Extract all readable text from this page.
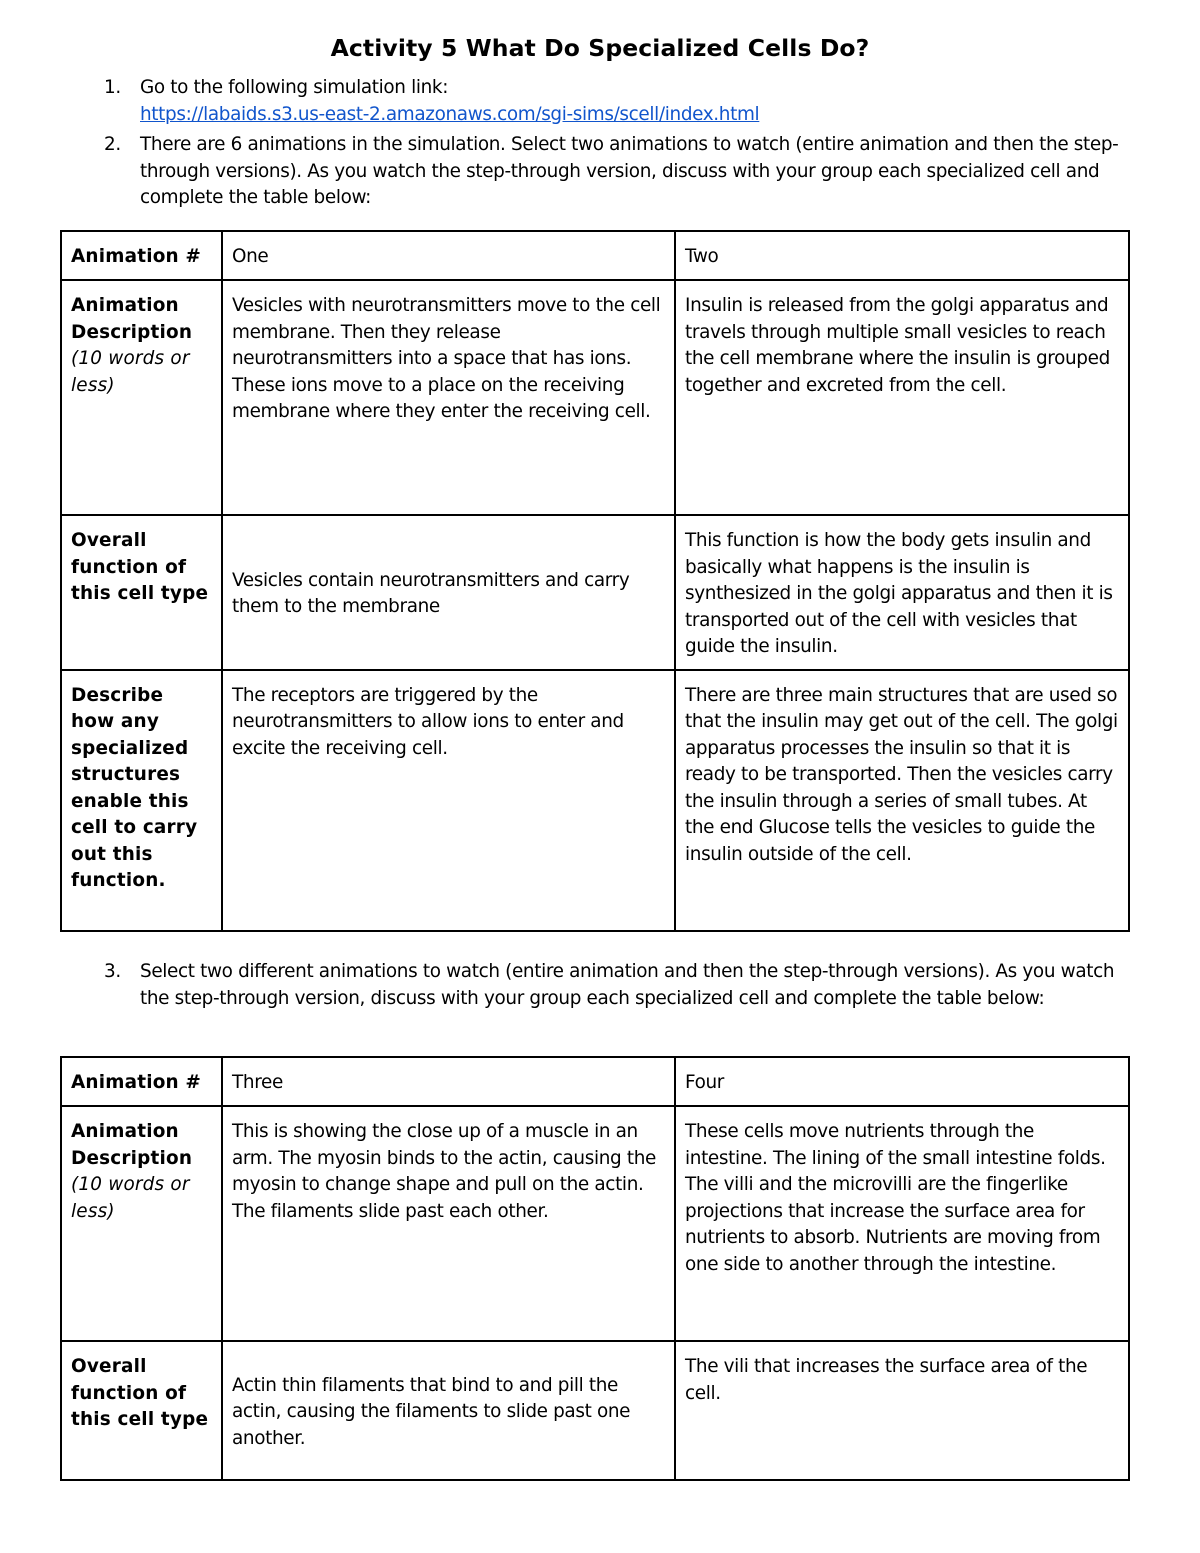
Activity 5 What Do Specialized Cells Do?
1. Go to the following simulation link:
https://labaids.s3.us-east-2.amazonaws.com/sgi-sims/scell/index.html
2. There are 6 animations in the simulation. Select two animations to watch (entire animation and then the step-through versions). As you watch the step-through version, discuss with your group each specialized cell and complete the table below:
Animation #	One	Two
Animation Description
(10 words or less)	Vesicles with neurotransmitters move to the cell membrane. Then they release neurotransmitters into a space that has ions. These ions move to a place on the receiving membrane where they enter the receiving cell.	Insulin is released from the golgi apparatus and travels through multiple small vesicles to reach the cell membrane where the insulin is grouped together and excreted from the cell.
Overall function of this cell type	Vesicles contain neurotransmitters and carry them to the membrane	This function is how the body gets insulin and basically what happens is the insulin is synthesized in the golgi apparatus and then it is transported out of the cell with vesicles that guide the insulin.
Describe how any specialized structures enable this cell to carry out this function.	The receptors are triggered by the neurotransmitters to allow ions to enter and excite the receiving cell.	There are three main structures that are used so that the insulin may get out of the cell. The golgi apparatus processes the insulin so that it is ready to be transported. Then the vesicles carry the insulin through a series of small tubes. At the end Glucose tells the vesicles to guide the insulin outside of the cell.
3. Select two different animations to watch (entire animation and then the step-through versions). As you watch the step-through version, discuss with your group each specialized cell and complete the table below:
Animation #	Three	Four
Animation Description
(10 words or less)	This is showing the close up of a muscle in an arm. The myosin binds to the actin, causing the myosin to change shape and pull on the actin. The filaments slide past each other.	These cells move nutrients through the intestine. The lining of the small intestine folds. The villi and the microvilli are the fingerlike projections that increase the surface area for nutrients to absorb. Nutrients are moving from one side to another through the intestine.
Overall function of this cell type	Actin thin filaments that bind to and pill the actin, causing the filaments to slide past one another.	The vili that increases the surface area of the cell.
